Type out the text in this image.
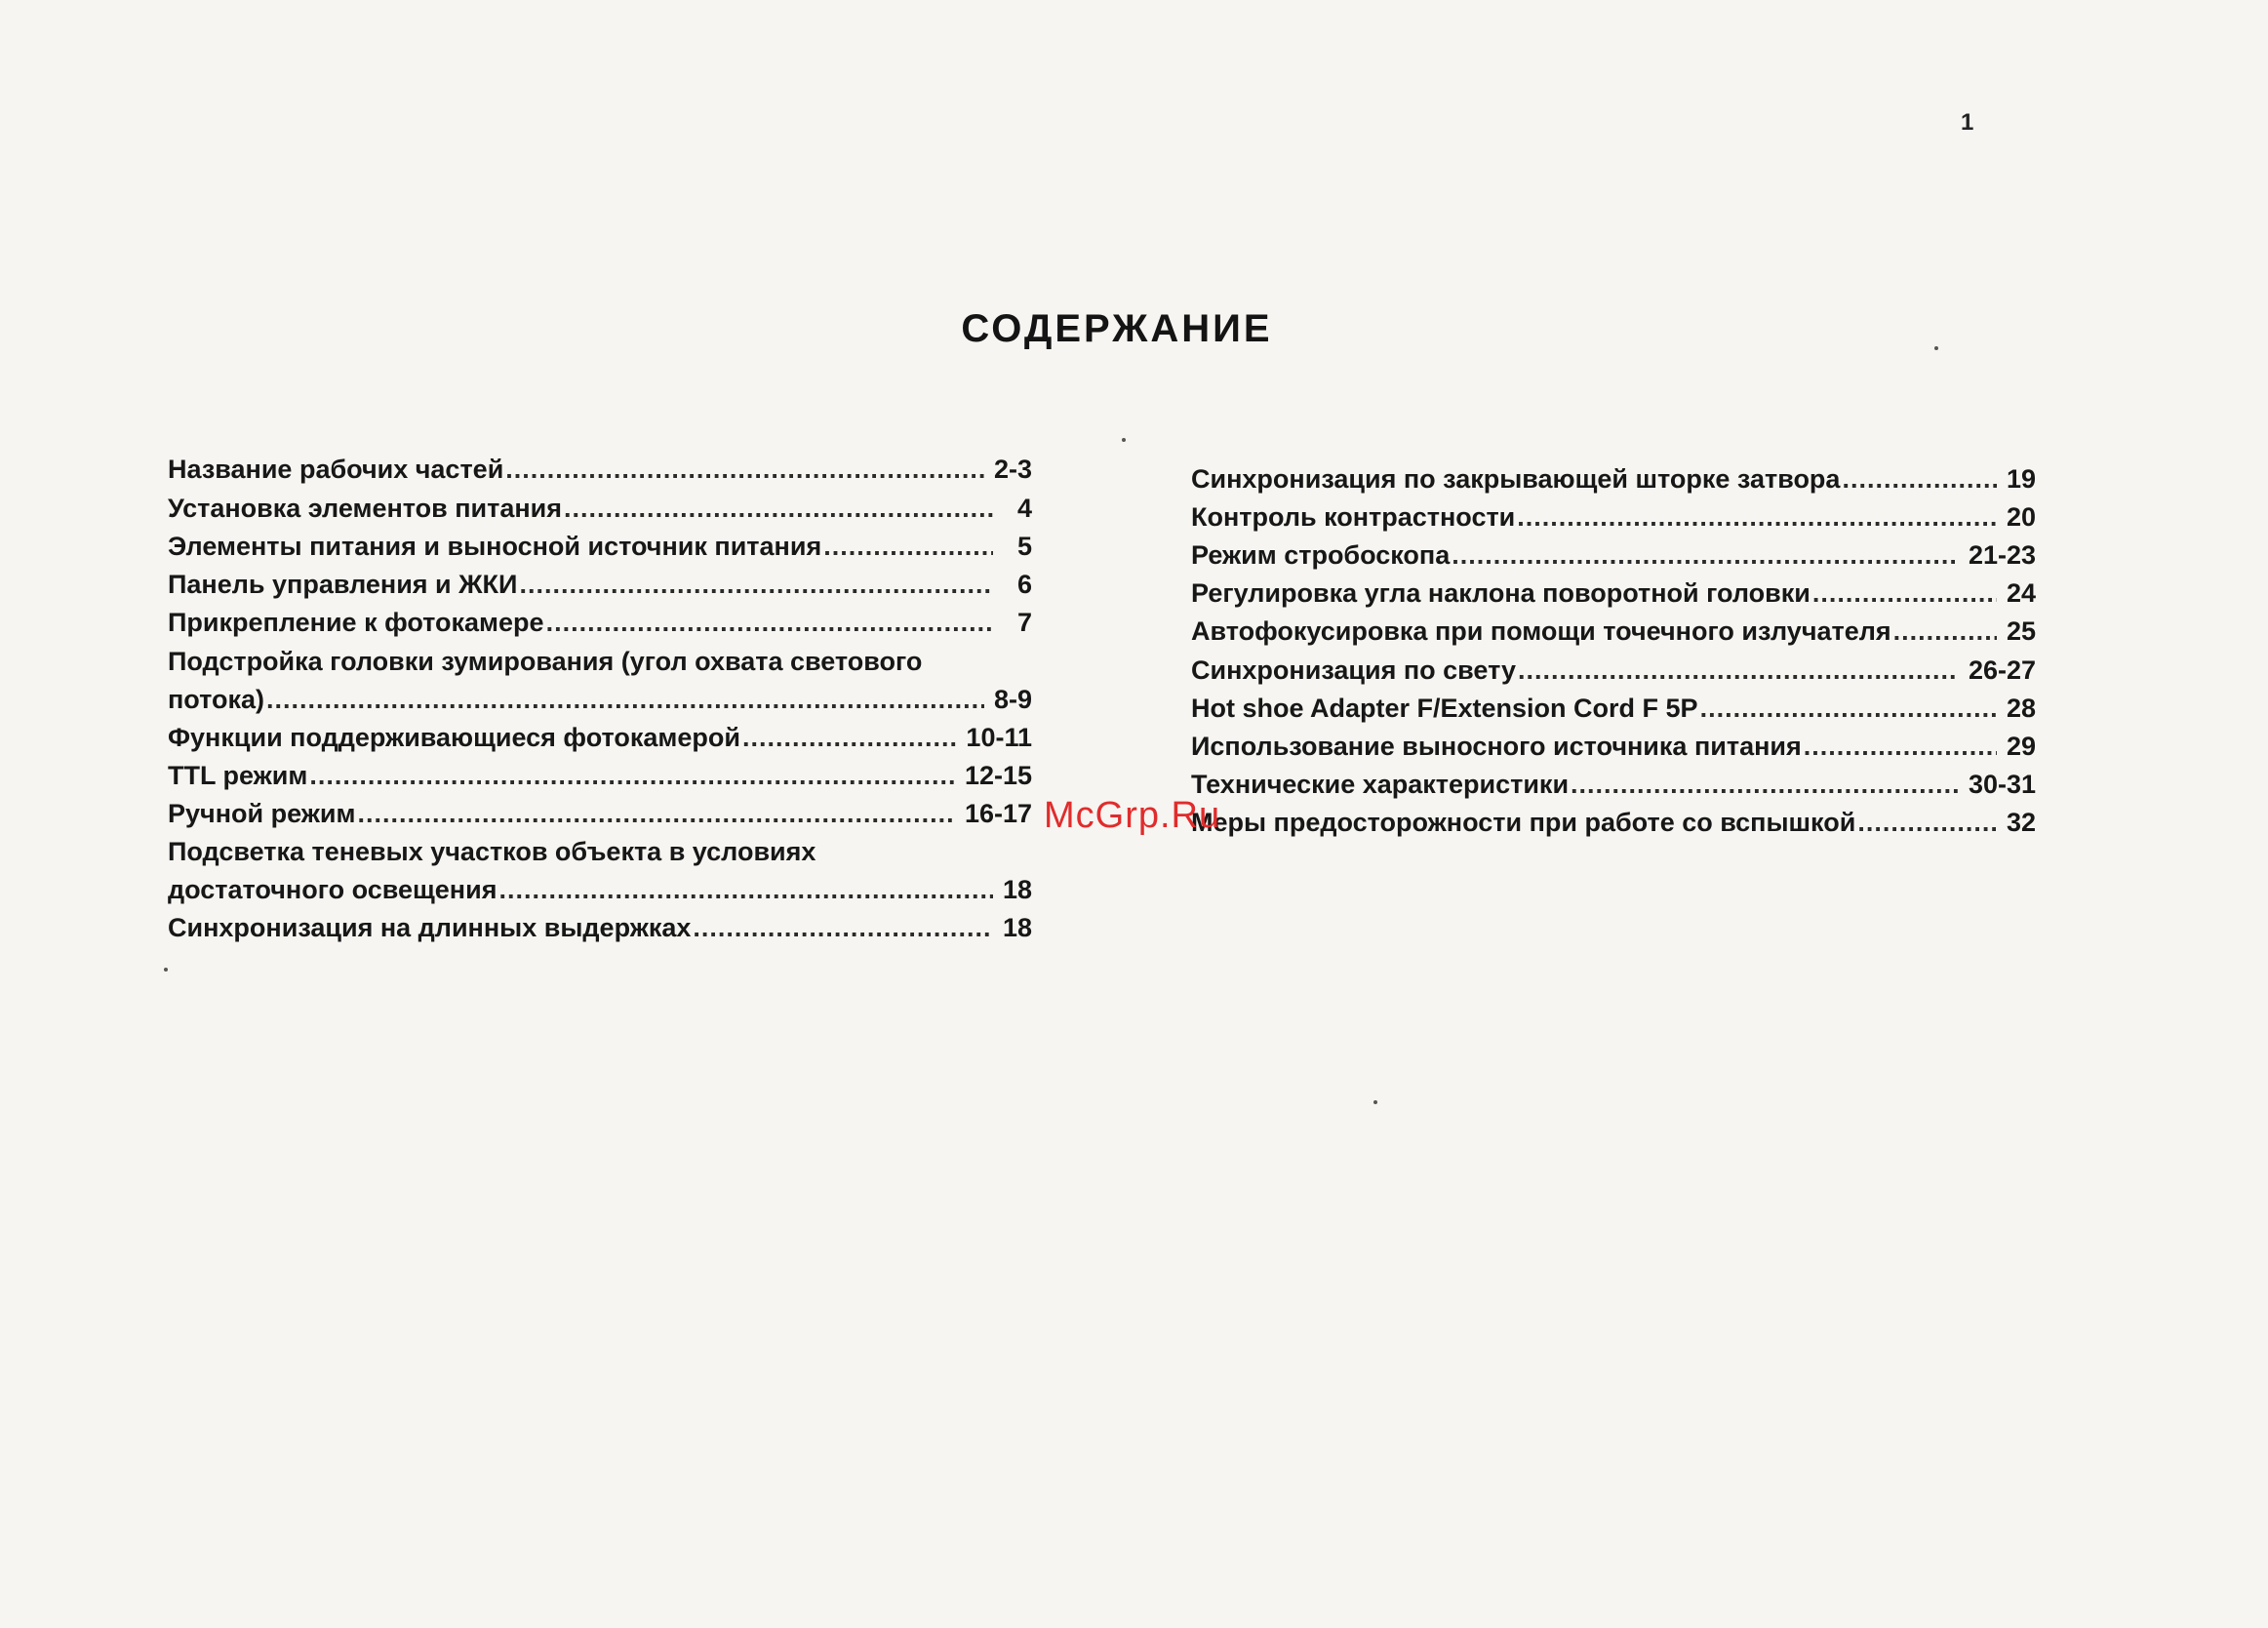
1
СОДЕРЖАНИЕ
Название рабочих частей .....	2-3
Установка элементов питания .....	4
Элементы питания и выносной источник питания .....	5
Панель управления и ЖКИ .....	6
Прикрепление к фотокамере .....	7
Подстройка головки зумирования (угол охвата светового
потока) .....	8-9
Функции поддерживающиеся фотокамерой .....	10-11
TTL режим .....	12-15
Ручной режим .....	16-17
Подсветка теневых участков объекта в условиях
достаточного освещения .....	18
Синхронизация на длинных выдержках .....	18
Синхронизация по закрывающей шторке затвора .....	19
Контроль контрастности .....	20
Режим стробоскопа .....	21-23
Регулировка угла наклона поворотной головки .....	24
Автофокусировка при помощи точечного излучателя .....	25
Синхронизация по свету .....	26-27
Hot shoe Adapter F/Extension Cord F 5P .....	28
Использование выносного источника питания .....	29
Технические характеристики .....	30-31
Меры предосторожности при работе со вспышкой .....	32
McGrp.Ru
